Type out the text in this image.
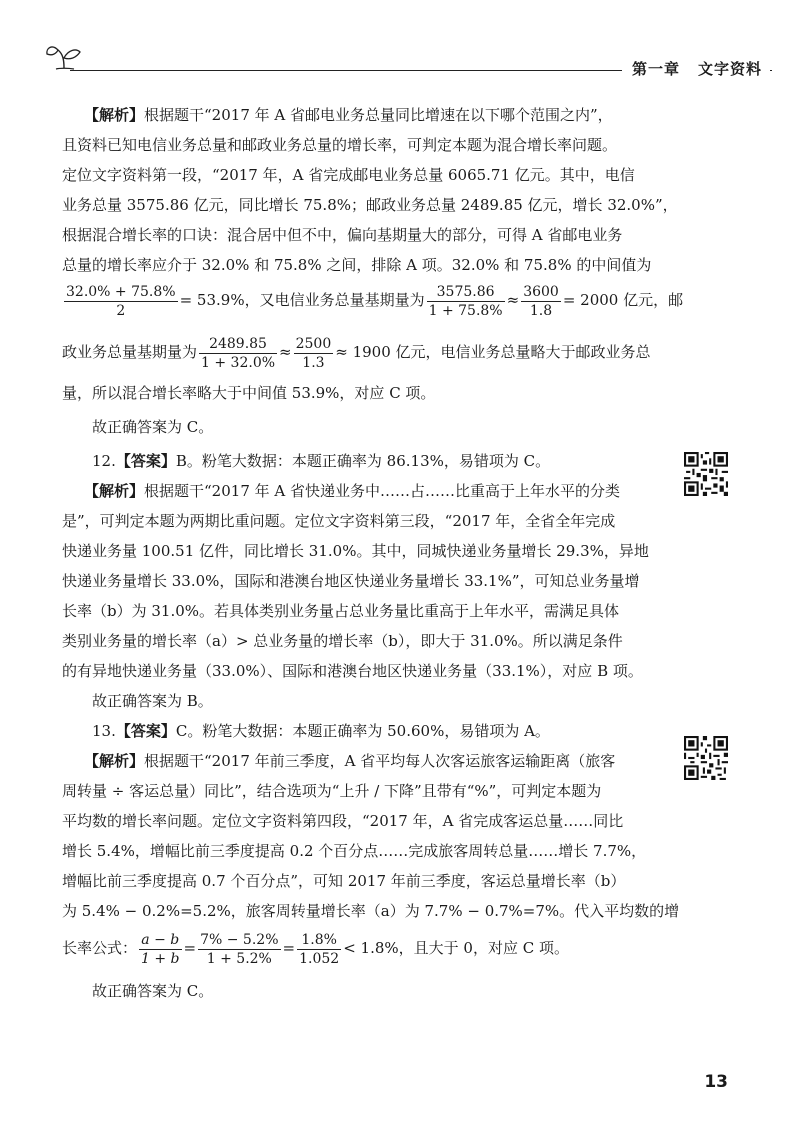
第一章 文字资料
【解析】根据题干“2017 年 A 省邮电业务总量同比增速在以下哪个范围之内”，
且资料已知电信业务总量和邮政业务总量的增长率，可判定本题为混合增长率问题。
定位文字资料第一段，“2017 年，A 省完成邮电业务总量 6065.71 亿元。其中，电信
业务总量 3575.86 亿元，同比增长 75.8%；邮政业务总量 2489.85 亿元，增长 32.0%”，
根据混合增长率的口诀：混合居中但不中，偏向基期量大的部分，可得 A 省邮电业务
总量的增长率应介于 32.0% 和 75.8% 之间，排除 A 项。32.0% 和 75.8% 的中间值为
$\frac{32.0\% + 75.8\%}{2} = 53.9\%$，又电信业务总量基期量为 $\frac{3575.86}{1 + 75.8\%} \approx \frac{3600}{1.8} = 2000$ 亿元，邮
政业务总量基期量为 $\frac{2489.85}{1 + 32.0\%} \approx \frac{2500}{1.3} \approx 1900$ 亿元，电信业务总量略大于邮政业务总
量，所以混合增长率略大于中间值 53.9%，对应 C 项。
故正确答案为 C。
12.【答案】B。粉笔大数据：本题正确率为 86.13%，易错项为 C。
【解析】根据题干“2017 年 A 省快递业务中……占……比重高于上年水平的分类
是”，可判定本题为两期比重问题。定位文字资料第三段，“2017 年，全省全年完成
快递业务量 100.51 亿件，同比增长 31.0%。其中，同城快递业务量增长 29.3%，异地
快递业务量增长 33.0%，国际和港澳台地区快递业务量增长 33.1%”，可知总业务量增
长率（b）为 31.0%。若具体类别业务量占总业务量比重高于上年水平，需满足具体
类别业务量的增长率（a）> 总业务量的增长率（b），即大于 31.0%。所以满足条件
的有异地快递业务量（33.0%）、国际和港澳台地区快递业务量（33.1%），对应 B 项。
故正确答案为 B。
13.【答案】C。粉笔大数据：本题正确率为 50.60%，易错项为 A。
【解析】根据题干“2017 年前三季度，A 省平均每人次客运旅客运输距离（旅客
周转量 ÷ 客运总量）同比”，结合选项为“上升 / 下降”且带有“%”，可判定本题为
平均数的增长率问题。定位文字资料第四段，“2017 年，A 省完成客运总量……同比
增长 5.4%，增幅比前三季度提高 0.2 个百分点……完成旅客周转总量……增长 7.7%，
增幅比前三季度提高 0.7 个百分点”，可知 2017 年前三季度，客运总量增长率（b）
为 5.4% − 0.2%=5.2%，旅客周转量增长率（a）为 7.7% − 0.7%=7%。代入平均数的增
长率公式： $\frac{a - b}{1 + b} = \frac{7\% - 5.2\%}{1 + 5.2\%} = \frac{1.8\%}{1.052} < 1.8\%$，且大于 0，对应 C 项。
故正确答案为 C。
13
